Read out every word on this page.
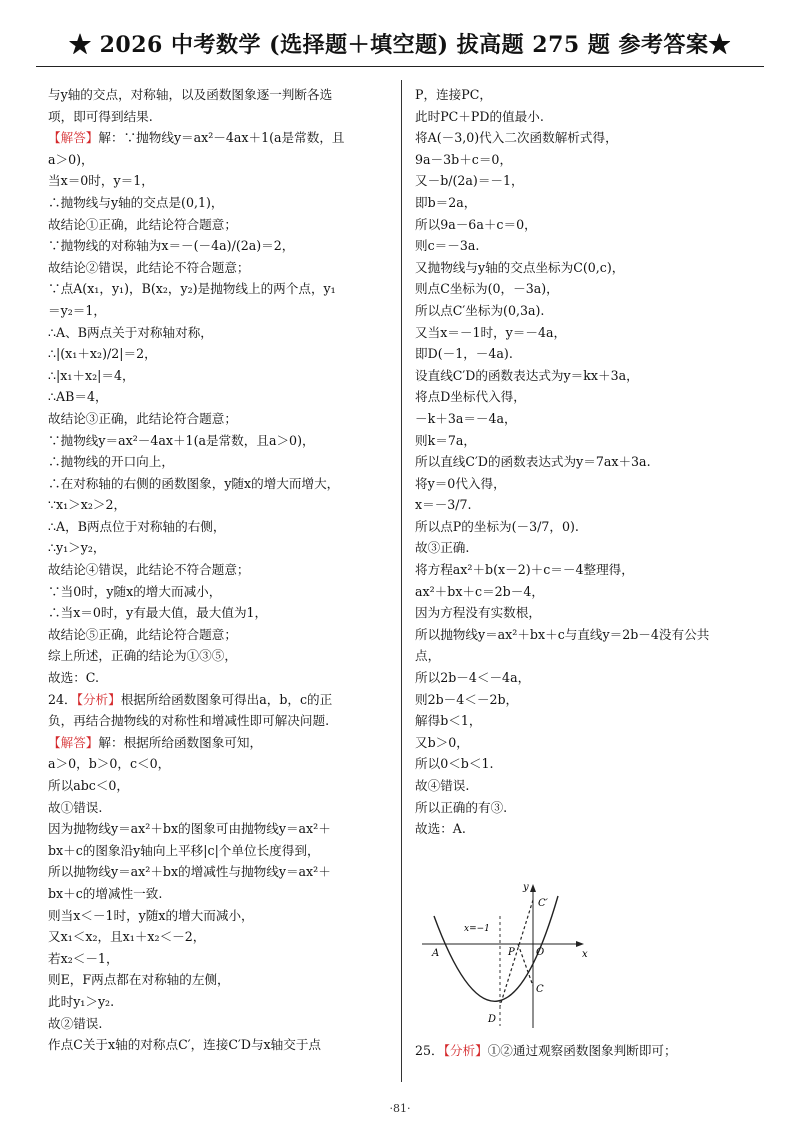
★ 2026 中考数学 (选择题＋填空题) 拔高题 275 题 参考答案★
与y轴的交点，对称轴，以及函数图象逐一判断各选
项，即可得到结果.
【解答】解：∵抛物线y＝ax²－4ax＋1(a是常数，且
a＞0)，
当x＝0时，y＝1，
∴抛物线与y轴的交点是(0,1)，
故结论①正确，此结论符合题意；
∵抛物线的对称轴为x＝－(－4a)/(2a)＝2，
故结论②错误，此结论不符合题意；
∵点A(x₁，y₁)，B(x₂，y₂)是抛物线上的两个点，y₁
＝y₂＝1，
∴A、B两点关于对称轴对称，
∴|(x₁＋x₂)/2|＝2，
∴|x₁＋x₂|＝4，
∴AB＝4，
故结论③正确，此结论符合题意；
∵抛物线y＝ax²－4ax＋1(a是常数，且a＞0)，
∴抛物线的开口向上，
∴在对称轴的右侧的函数图象，y随x的增大而增大，
∵x₁＞x₂＞2，
∴A，B两点位于对称轴的右侧，
∴y₁＞y₂，
故结论④错误，此结论不符合题意；
∵当0时，y随x的增大而减小，
∴当x＝0时，y有最大值，最大值为1，
故结论⑤正确，此结论符合题意；
综上所述，正确的结论为①③⑤，
故选：C.
24．【分析】根据所给函数图象可得出a，b，c的正
负，再结合抛物线的对称性和增减性即可解决问题.
【解答】解：根据所给函数图象可知，
a＞0，b＞0，c＜0，
所以abc＜0，
故①错误.
因为抛物线y＝ax²＋bx的图象可由抛物线y＝ax²＋
bx＋c的图象沿y轴向上平移|c|个单位长度得到，
所以抛物线y＝ax²＋bx的增减性与抛物线y＝ax²＋
bx＋c的增减性一致.
则当x＜－1时，y随x的增大而减小，
又x₁＜x₂，且x₁＋x₂＜－2，
若x₂＜－1，
则E，F两点都在对称轴的左侧，
此时y₁＞y₂.
故②错误.
作点C关于x轴的对称点C′，连接C′D与x轴交于点
P，连接PC，
此时PC＋PD的值最小.
将A(－3,0)代入二次函数解析式得，
9a－3b＋c＝0，
又－b/(2a)＝－1，
即b＝2a，
所以9a－6a＋c＝0，
则c＝－3a.
又抛物线与y轴的交点坐标为C(0,c)，
则点C坐标为(0，－3a)，
所以点C′坐标为(0,3a).
又当x＝－1时，y＝－4a，
即D(－1，－4a).
设直线C′D的函数表达式为y＝kx＋3a，
将点D坐标代入得，
－k＋3a＝－4a，
则k＝7a，
所以直线C′D的函数表达式为y＝7ax＋3a.
将y＝0代入得，
x＝－3/7.
所以点P的坐标为(－3/7，0).
故③正确.
将方程ax²＋b(x－2)＋c＝－4整理得，
ax²＋bx＋c＝2b－4，
因为方程没有实数根，
所以抛物线y＝ax²＋bx＋c与直线y＝2b－4没有公共
点，
所以2b－4＜－4a，
则2b－4＜－2b，
解得b＜1，
又b＞0，
所以0＜b＜1.
故④错误.
所以正确的有③.
故选：A.
y
x
C′
x=−1
A	P O
C
D
25．【分析】①②通过观察函数图象判断即可；
·81·
